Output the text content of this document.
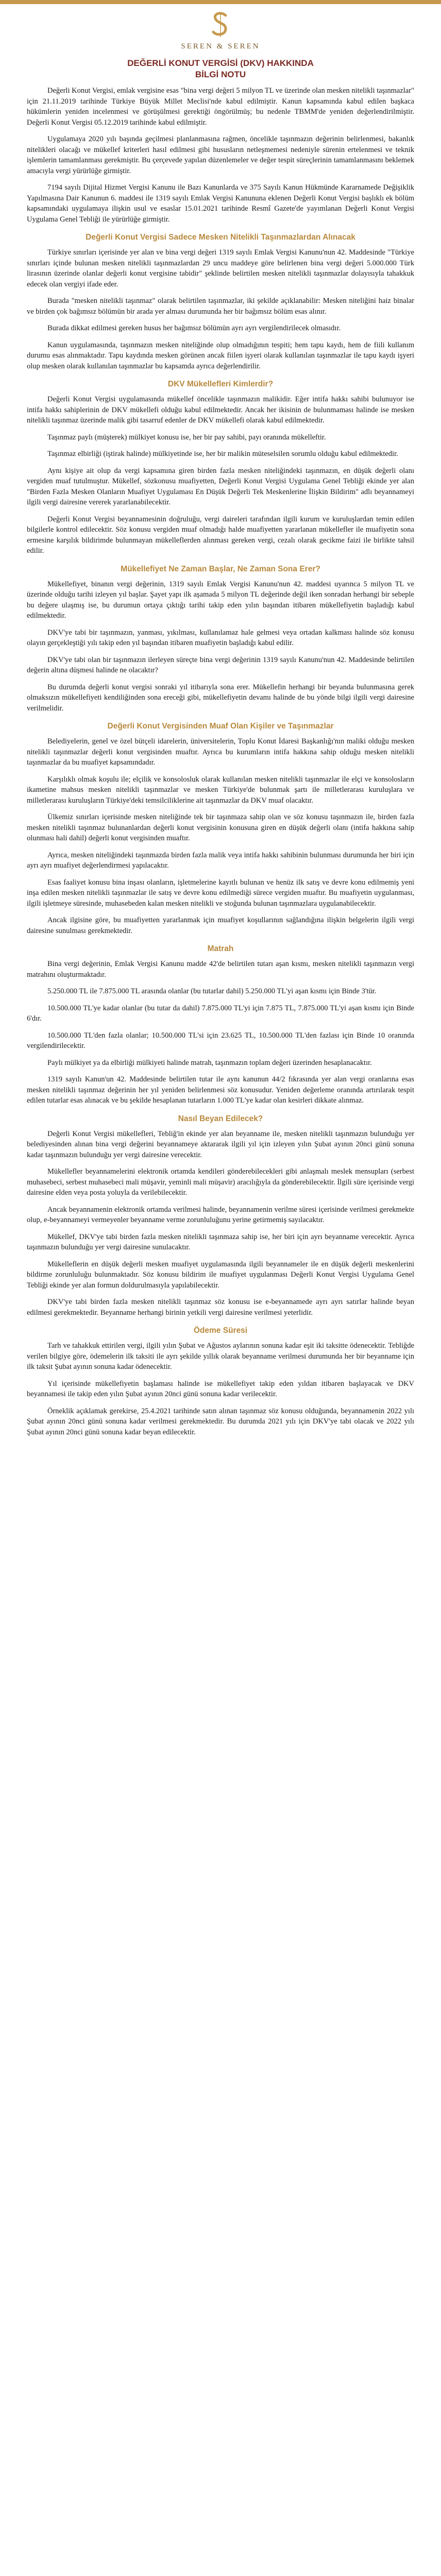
SEREN & SEREN
DEĞERLİ KONUT VERGİSİ (DKV) HAKKINDA
BİLGİ NOTU

Değerli Konut Vergisi, emlak vergisine esas "bina vergi değeri 5 milyon TL ve üzerinde olan mesken nitelikli taşınmazlar" için 21.11.2019 tarihinde Türkiye Büyük Millet Meclisi'nde kabul edilmiştir. Kanun kapsamında kabul edilen başkaca hükümlerin yeniden incelenmesi ve görüşülmesi gerektiği öngörülmüş; bu nedenle TBMM'de yeniden değerlendirilmiştir. Değerli Konut Vergisi 05.12.2019 tarihinde kabul edilmiştir.

Uygulamaya 2020 yılı başında geçilmesi planlanmasına rağmen, öncelikle taşınmazın değerinin belirlenmesi, bakanlık nitelikleri olacağı ve mükellef kriterleri hasıl edilmesi gibi hususların netleşmemesi nedeniyle sürenin ertelenmesi ve teknik işlemlerin tamamlanması gerekmiştir. Bu çerçevede yapılan düzenlemeler ve değer tespit süreçlerinin tamamlanmasını beklemek amacıyla vergi yürürlüğe girmiştir.

7194 sayılı Dijital Hizmet Vergisi Kanunu ile Bazı Kanunlarda ve 375 Sayılı Kanun Hükmünde Kararnamede Değişiklik Yapılmasına Dair Kanunun 6. maddesi ile 1319 sayılı Emlak Vergisi Kanununa eklenen Değerli Konut Vergisi başlıklı ek bölüm kapsamındaki uygulamaya ilişkin usul ve esaslar 15.01.2021 tarihinde Resmî Gazete'de yayımlanan Değerli Konut Vergisi Uygulama Genel Tebliği ile yürürlüğe girmiştir.

Değerli Konut Vergisi Sadece Mesken Nitelikli Taşınmazlardan Alınacak

Türkiye sınırları içerisinde yer alan ve bina vergi değeri 1319 sayılı Emlak Vergisi Kanunu'nun 42. Maddesinde "Türkiye sınırları içinde bulunan mesken nitelikli taşınmazlardan 29 uncu maddeye göre belirlenen bina vergi değeri 5.000.000 Türk lirasının üzerinde olanlar değerli konut vergisine tabidir" şeklinde belirtilen mesken nitelikli taşınmazlar dolayısıyla tahakkuk edecek olan vergiyi ifade eder.

Burada "mesken nitelikli taşınmaz" olarak belirtilen taşınmazlar, iki şekilde açıklanabilir: Mesken niteliğini haiz binalar ve birden çok bağımsız bölümün bir arada yer alması durumunda her bir bağımsız bölüm esas alınır.

Burada dikkat edilmesi gereken husus her bağımsız bölümün ayrı ayrı vergilendirilecek olmasıdır.

Kanun uygulamasında, taşınmazın mesken niteliğinde olup olmadığının tespiti; hem tapu kaydı, hem de fiili kullanım durumu esas alınmaktadır. Tapu kaydında mesken görünen ancak fiilen işyeri olarak kullanılan taşınmazlar ile tapu kaydı işyeri olup mesken olarak kullanılan taşınmazlar bu kapsamda ayrıca değerlendirilir.

DKV Mükellefleri Kimlerdir?

Değerli Konut Vergisi uygulamasında mükellef öncelikle taşınmazın malikidir. Eğer intifa hakkı sahibi bulunuyor ise intifa hakkı sahiplerinin de DKV mükellefi olduğu kabul edilmektedir. Ancak her ikisinin de bulunmaması halinde ise mesken nitelikli taşınmaz üzerinde malik gibi tasarruf edenler de DKV mükellefi olarak kabul edilmektedir.

Taşınmaz paylı (müşterek) mülkiyet konusu ise, her bir pay sahibi, payı oranında mükelleftir.

Taşınmaz elbirliği (iştirak halinde) mülkiyetinde ise, her bir malikin müteselsilen sorumlu olduğu kabul edilmektedir.

Aynı kişiye ait olup da vergi kapsamına giren birden fazla mesken niteliğindeki taşınmazın, en düşük değerli olanı vergiden muaf tutulmuştur. Mükellef, sözkonusu muafiyetten, Değerli Konut Vergisi Uygulama Genel Tebliği ekinde yer alan "Birden Fazla Mesken Olanların Muafiyet Uygulaması En Düşük Değerli Tek Meskenlerine İlişkin Bildirim" adlı beyannameyi ilgili vergi dairesine vererek yararlanabilecektir.

Değerli Konut Vergisi beyannamesinin doğruluğu, vergi daireleri tarafından ilgili kurum ve kuruluşlardan temin edilen bilgilerle kontrol edilecektir. Söz konusu vergiden muaf olmadığı halde muafiyetten yararlanan mükellefler ile muafiyetin sona ermesine karşılık bildirimde bulunmayan mükelleflerden alınması gereken vergi, cezalı olarak gecikme faizi ile birlikte tahsil edilir.

Mükellefiyet Ne Zaman Başlar, Ne Zaman Sona Erer?

Mükellefiyet, binanın vergi değerinin, 1319 sayılı Emlak Vergisi Kanunu'nun 42. maddesi uyarınca 5 milyon TL ve üzerinde olduğu tarihi izleyen yıl başlar. Şayet yapı ilk aşamada 5 milyon TL değerinde değil iken sonradan herhangi bir sebeple bu değere ulaşmış ise, bu durumun ortaya çıktığı tarihi takip eden yılın başından itibaren mükellefiyetin başladığı kabul edilmektedir.

DKV'ye tabi bir taşınmazın, yanması, yıkılması, kullanılamaz hale gelmesi veya ortadan kalkması halinde söz konusu olayın gerçekleştiği yılı takip eden yıl başından itibaren muafiyetin başladığı kabul edilir.

DKV'ye tabi olan bir taşınmazın ilerleyen süreçte bina vergi değerinin 1319 sayılı Kanunu'nun 42. Maddesinde belirtilen değerin altına düşmesi halinde ne olacaktır?

Bu durumda değerli konut vergisi sonraki yıl itibarıyla sona erer. Mükellefin herhangi bir beyanda bulunmasına gerek olmaksızın mükellefiyeti kendiliğinden sona ereceği gibi, mükellefiyetin devamı halinde de bu yönde bilgi ilgili vergi dairesine verilmelidir.

Değerli Konut Vergisinden Muaf Olan Kişiler ve Taşınmazlar

Belediyelerin, genel ve özel bütçeli idarelerin, üniversitelerin, Toplu Konut İdaresi Başkanlığı'nın maliki olduğu mesken nitelikli taşınmazlar değerli konut vergisinden muaftır. Ayrıca bu kurumların intifa hakkına sahip olduğu mesken nitelikli taşınmazlar da bu muafiyet kapsamındadır.

Karşılıklı olmak koşulu ile; elçilik ve konsolosluk olarak kullanılan mesken nitelikli taşınmazlar ile elçi ve konsolosların ikametine mahsus mesken nitelikli taşınmazlar ve mesken Türkiye'de bulunmak şartı ile milletlerarası kuruluşlara ve milletlerarası kuruluşların Türkiye'deki temsilciliklerine ait taşınmazlar da DKV muaf olacaktır.

Ülkemiz sınırları içerisinde mesken niteliğinde tek bir taşınmaza sahip olan ve söz konusu taşınmazın ile, birden fazla mesken nitelikli taşınmaz bulunanlardan değerli konut vergisinin konusuna giren en düşük değerli olanı (intifa hakkına sahip olunması hali dahil) değerli konut vergisinden muaftır.

Ayrıca, mesken niteliğindeki taşınmazda birden fazla malik veya intifa hakkı sahibinin bulunması durumunda her biri için ayrı ayrı muafiyet değerlendirmesi yapılacaktır.

Esas faaliyet konusu bina inşası olanların, işletmelerine kayıtlı bulunan ve henüz ilk satış ve devre konu edilmemiş yeni inşa edilen mesken nitelikli taşınmazlar ile satış ve devre konu edilmediği sürece vergiden muaftır. Bu muafiyetin uygulanması, ilgili işletmeye süresinde, muhasebeden kalan mesken nitelikli ve stoğunda bulunan taşınmazlara uygulanabilecektir.

Ancak ilgisine göre, bu muafiyetten yararlanmak için muafiyet koşullarının sağlandığına ilişkin belgelerin ilgili vergi dairesine sunulması gerekmektedir.

Matrah

Bina vergi değerinin, Emlak Vergisi Kanunu madde 42'de belirtilen tutarı aşan kısmı, mesken nitelikli taşınmazın vergi matrahını oluşturmaktadır.

5.250.000 TL ile 7.875.000 TL arasında olanlar (bu tutarlar dahil) 5.250.000 TL'yi aşan kısmı için Binde 3'tür.

10.500.000 TL'ye kadar olanlar (bu tutar da dahil) 7.875.000 TL'yi için 7.875 TL, 7.875.000 TL'yi aşan kısmı için Binde 6'dır.

10.500.000 TL'den fazla olanlar; 10.500.000 TL'si için 23.625 TL, 10.500.000 TL'den fazlası için Binde 10 oranında vergilendirilecektir.

Paylı mülkiyet ya da elbirliği mülkiyeti halinde matrah, taşınmazın toplam değeri üzerinden hesaplanacaktır.

1319 sayılı Kanun'un 42. Maddesinde belirtilen tutar ile aynı kanunun 44/2 fıkrasında yer alan vergi oranlarına esas mesken nitelikli taşınmaz değerinin her yıl yeniden belirlenmesi söz konusudur. Yeniden değerleme oranında artırılarak tespit edilen tutarlar esas alınacak ve bu şekilde hesaplanan tutarların 1.000 TL'ye kadar olan kesirleri dikkate alınmaz.

Nasıl Beyan Edilecek?

Değerli Konut Vergisi mükellefleri, Tebliğ'in ekinde yer alan beyanname ile, mesken nitelikli taşınmazın bulunduğu yer belediyesinden alınan bina vergi değerini beyannameye aktararak ilgili yıl için izleyen yılın Şubat ayının 20nci günü sonuna kadar taşınmazın bulunduğu yer vergi dairesine verecektir.

Mükellefler beyannamelerini elektronik ortamda kendileri gönderebilecekleri gibi anlaşmalı meslek mensupları (serbest muhasebeci, serbest muhasebeci mali müşavir, yeminli mali müşavir) aracılığıyla da gönderebilecektir. İlgili süre içerisinde vergi dairesine elden veya posta yoluyla da verilebilecektir.

Ancak beyannamenin elektronik ortamda verilmesi halinde, beyannamenin verilme süresi içerisinde verilmesi gerekmekte olup, e-beyannameyi vermeyenler beyanname verme zorunluluğunu yerine getirmemiş sayılacaktır.

Mükellef, DKV'ye tabi birden fazla mesken nitelikli taşınmaza sahip ise, her biri için ayrı beyanname verecektir. Ayrıca taşınmazın bulunduğu yer vergi dairesine sunulacaktır.

Mükelleflerin en düşük değerli mesken muafiyet uygulamasında ilgili beyannameler ile en düşük değerli meskenlerini bildirme zorunluluğu bulunmaktadır. Söz konusu bildirim ile muafiyet uygulanması Değerli Konut Vergisi Uygulama Genel Tebliği ekinde yer alan formun doldurulmasıyla yapılabilecektir.

DKV'ye tabi birden fazla mesken nitelikli taşınmaz söz konusu ise e-beyannamede ayrı ayrı satırlar halinde beyan edilmesi gerekmektedir. Beyanname herhangi birinin yetkili vergi dairesine verilmesi yeterlidir.

Ödeme Süresi

Tarh ve tahakkuk ettirilen vergi, ilgili yılın Şubat ve Ağustos aylarının sonuna kadar eşit iki taksitte ödenecektir. Tebliğde verilen bilgiye göre, ödemelerin ilk taksiti ile ayrı şekilde yıllık olarak beyanname verilmesi durumunda her bir beyanname için ilk taksit Şubat ayının sonuna kadar ödenecektir.

Yıl içerisinde mükellefiyetin başlaması halinde ise mükellefiyet takip eden yıldan itibaren başlayacak ve DKV beyannamesi ile takip eden yılın Şubat ayının 20nci günü sonuna kadar verilecektir.

Örneklik açıklamak gerekirse, 25.4.2021 tarihinde satın alınan taşınmaz söz konusu olduğunda, beyannamenin 2022 yılı Şubat ayının 20nci günü sonuna kadar verilmesi gerekmektedir. Bu durumda 2021 yılı için DKV'ye tabi olacak ve 2022 yılı Şubat ayının 20nci günü sonuna kadar beyan edilecektir.
